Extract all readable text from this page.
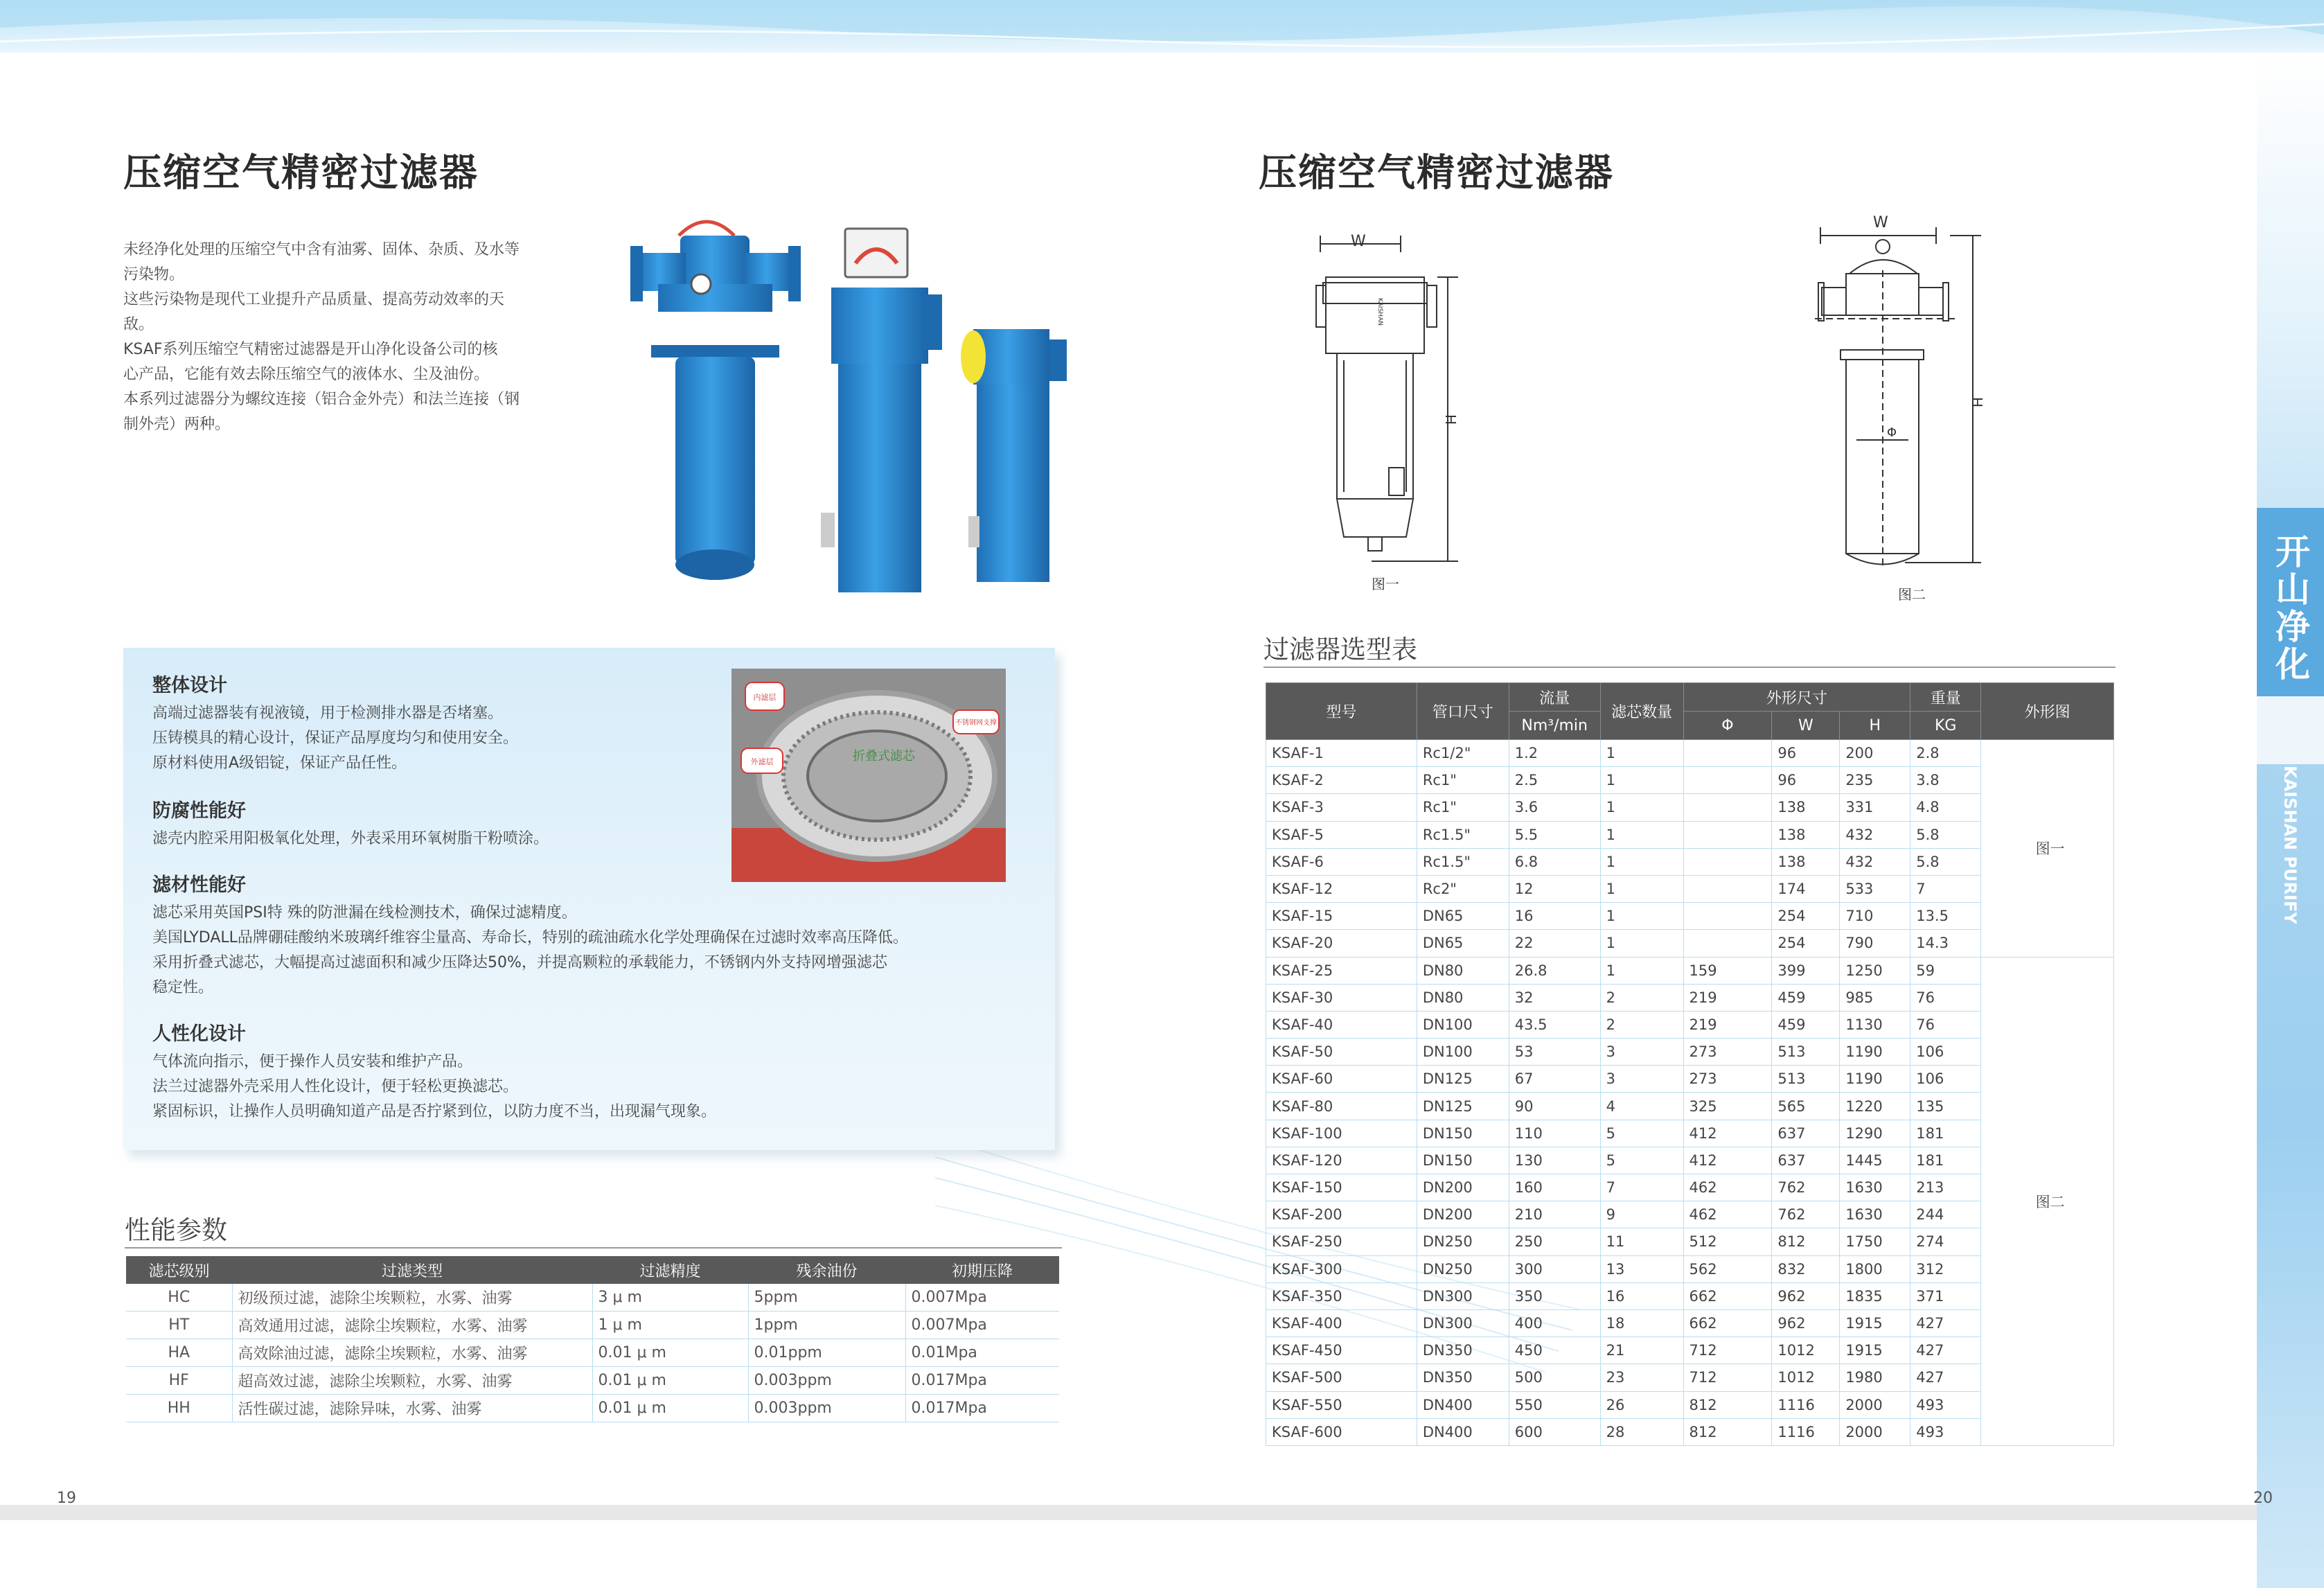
开山净化
KAISHAN PURIFY
压缩空气精密过滤器

未经净化处理的压缩空气中含有油雾、固体、杂质、及水等

污染物。

这些污染物是现代工业提升产品质量、提高劳动效率的天

敌。

KSAF系列压缩空气精密过滤器是开山净化设备公司的核

心产品，它能有效去除压缩空气的液体水、尘及油份。

本系列过滤器分为螺纹连接（铝合金外壳）和法兰连接（钢

制外壳）两种。

整体设计

高端过滤器装有视液镜，用于检测排水器是否堵塞。

压铸模具的精心设计，保证产品厚度均匀和使用安全。

原材料使用A级铝锭，保证产品任性。

防腐性能好

滤壳内腔采用阳极氧化处理，外表采用环氧树脂干粉喷涂。

滤材性能好

滤芯采用英国PSI特 殊的防泄漏在线检测技术，确保过滤精度。

美国LYDALL品牌硼硅酸纳米玻璃纤维容尘量高、寿命长，特别的疏油疏水化学处理确保在过滤时效率高压降低。

采用折叠式滤芯，大幅提高过滤面积和减少压降达50%，并提高颗粒的承载能力，不锈钢内外支持网增强滤芯

稳定性。

人性化设计

气体流向指示，便于操作人员安装和维护产品。

法兰过滤器外壳采用人性化设计，便于轻松更换滤芯。

紧固标识，让操作人员明确知道产品是否拧紧到位，以防力度不当，出现漏气现象。

内滤层
外滤层
不锈钢网支撑
折叠式滤芯
性能参数
滤芯级别	过滤类型	过滤精度	残余油份	初期压降
HC	初级预过滤，滤除尘埃颗粒，水雾、油雾	3 μ m	5ppm	0.007Mpa
HT	高效通用过滤，滤除尘埃颗粒，水雾、油雾	1 μ m	1ppm	0.007Mpa
HA	高效除油过滤，滤除尘埃颗粒，水雾、油雾	0.01 μ m	0.01ppm	0.01Mpa
HF	超高效过滤，滤除尘埃颗粒，水雾、油雾	0.01 μ m	0.003ppm	0.017Mpa
HH	活性碳过滤，滤除异味，水雾、油雾	0.01 μ m	0.003ppm	0.017Mpa
压缩空气精密过滤器
W
H
KAISHAN
图一
W
Φ
H
图二
过滤器选型表
型号	管口尺寸	流量	滤芯数量	外形尺寸			重量	外形图
		Nm³/min		Φ	W	H	KG	
KSAF-1	Rc1/2"	1.2	1		96	200	2.8	图一
KSAF-2	Rc1"	2.5	1		96	235	3.8	
KSAF-3	Rc1"	3.6	1		138	331	4.8	
KSAF-5	Rc1.5"	5.5	1		138	432	5.8	
KSAF-6	Rc1.5"	6.8	1		138	432	5.8	
KSAF-12	Rc2"	12	1		174	533	7	
KSAF-15	DN65	16	1		254	710	13.5	
KSAF-20	DN65	22	1		254	790	14.3	
KSAF-25	DN80	26.8	1	159	399	1250	59	图二
KSAF-30	DN80	32	2	219	459	985	76	
KSAF-40	DN100	43.5	2	219	459	1130	76	
KSAF-50	DN100	53	3	273	513	1190	106	
KSAF-60	DN125	67	3	273	513	1190	106	
KSAF-80	DN125	90	4	325	565	1220	135	
KSAF-100	DN150	110	5	412	637	1290	181	
KSAF-120	DN150	130	5	412	637	1445	181	
KSAF-150	DN200	160	7	462	762	1630	213	
KSAF-200	DN200	210	9	462	762	1630	244	
KSAF-250	DN250	250	11	512	812	1750	274	
KSAF-300	DN250	300	13	562	832	1800	312	
KSAF-350	DN300	350	16	662	962	1835	371	
KSAF-400	DN300	400	18	662	962	1915	427	
KSAF-450	DN350	450	21	712	1012	1915	427	
KSAF-500	DN350	500	23	712	1012	1980	427	
KSAF-550	DN400	550	26	812	1116	2000	493	
KSAF-600	DN400	600	28	812	1116	2000	493	
19	20
